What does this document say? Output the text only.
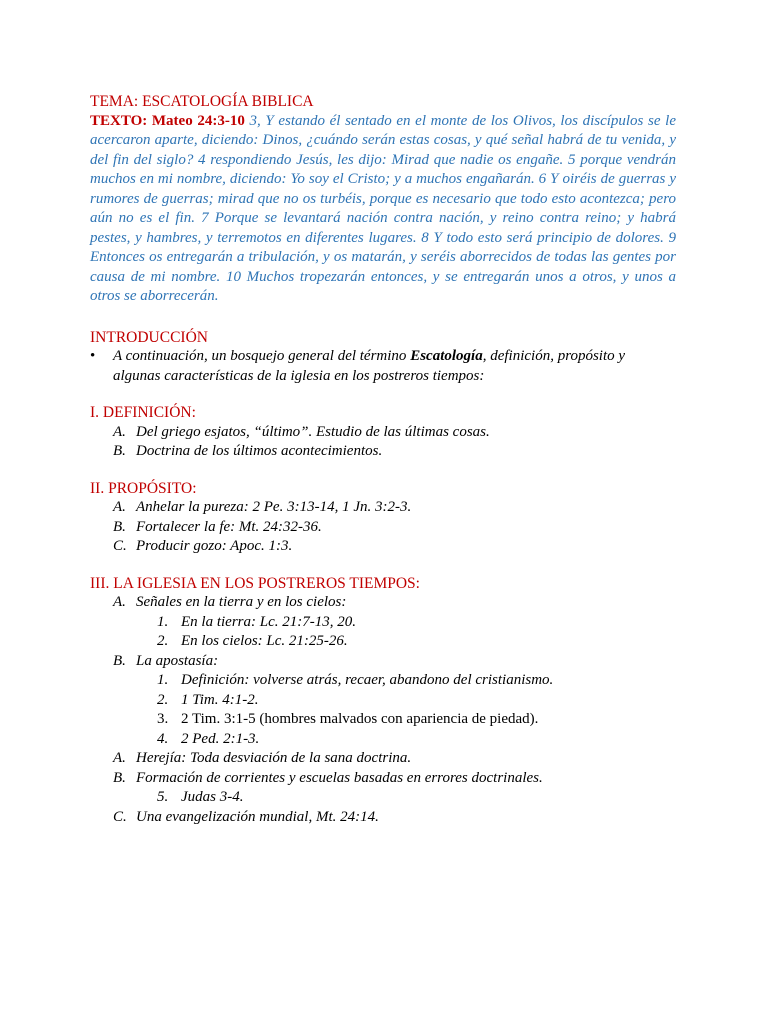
TEMA: ESCATOLOGÍA BIBLICA

TEXTO: Mateo 24:3-10 3, Y estando él sentado en el monte de los Olivos, los discípulos se le acercaron aparte, diciendo: Dinos, ¿cuándo serán estas cosas, y qué señal habrá de tu venida, y del fin del siglo? 4 respondiendo Jesús, les dijo: Mirad que nadie os engañe. 5 porque vendrán muchos en mi nombre, diciendo: Yo soy el Cristo; y a muchos engañarán. 6 Y oiréis de guerras y rumores de guerras; mirad que no os turbéis, porque es necesario que todo esto acontezca; pero aún no es el fin. 7 Porque se levantará nación contra nación, y reino contra reino; y habrá pestes, y hambres, y terremotos en diferentes lugares. 8 Y todo esto será principio de dolores. 9 Entonces os entregarán a tribulación, y os matarán, y seréis aborrecidos de todas las gentes por causa de mi nombre. 10 Muchos tropezarán entonces, y se entregarán unos a otros, y unos a otros se aborrecerán.

INTRODUCCIÓN

• A continuación, un bosquejo general del término Escatología, definición, propósito y algunas características de la iglesia en los postreros tiempos:

I. DEFINICIÓN:

A. Del griego esjatos, “último”. Estudio de las últimas cosas.
B. Doctrina de los últimos acontecimientos.

II. PROPÓSITO:

A. Anhelar la pureza: 2 Pe. 3:13-14, 1 Jn. 3:2-3.
B. Fortalecer la fe: Mt. 24:32-36.
C. Producir gozo: Apoc. 1:3.

III. LA IGLESIA EN LOS POSTREROS TIEMPOS:

A. Señales en la tierra y en los cielos:
1. En la tierra: Lc. 21:7-13, 20.
2. En los cielos: Lc. 21:25-26.
B. La apostasía:
1. Definición: volverse atrás, recaer, abandono del cristianismo.
2. 1 Tim. 4:1-2.
3. 2 Tim. 3:1-5 (hombres malvados con apariencia de piedad).
4. 2 Ped. 2:1-3.
A. Herejía: Toda desviación de la sana doctrina.
B. Formación de corrientes y escuelas basadas en errores doctrinales.
5. Judas 3-4.
C. Una evangelización mundial, Mt. 24:14.
